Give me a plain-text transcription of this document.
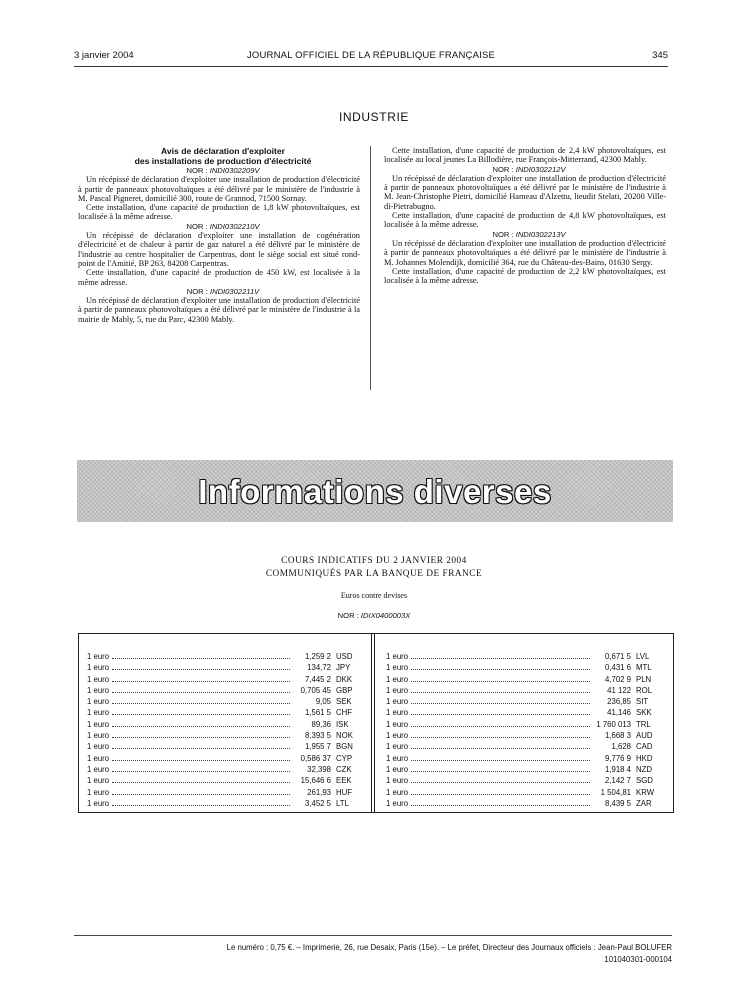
3 janvier 2004	JOURNAL OFFICIEL DE LA RÉPUBLIQUE FRANÇAISE	345
INDUSTRIE

Avis de déclaration d'exploiter

des installations de production d'électricité

NOR : INDI0302209V

Un récépissé de déclaration d'exploiter une installation de production d'électricité à partir de panneaux photovoltaïques a été délivré par le ministère de l'industrie à M. Pascal Pigneret, domicilié 300, route de Grannod, 71500 Sornay.

Cette installation, d'une capacité de production de 1,8 kW photovoltaïques, est localisée à la même adresse.

NOR : INDI0302210V

Un récépissé de déclaration d'exploiter une installation de cogénération d'électricité et de chaleur à partir de gaz naturel a été délivré par le ministère de l'industrie au centre hospitalier de Carpentras, dont le siège social est situé rond-point de l'Amitié, BP 263, 84208 Carpentras.

Cette installation, d'une capacité de production de 450 kW, est localisée à la même adresse.

NOR : INDI0302211V

Un récépissé de déclaration d'exploiter une installation de production d'électricité à partir de panneaux photovoltaïques a été délivré par le ministère de l'industrie à la mairie de Mably, 5, rue du Parc, 42300 Mably.

Cette installation, d'une capacité de production de 2,4 kW photovoltaïques, est localisée au local jeunes La Billodière, rue François-Mitterrand, 42300 Mably.

NOR : INDI0302212V

Un récépissé de déclaration d'exploiter une installation de production d'électricité à partir de panneaux photovoltaïques a été délivré par le ministère de l'industrie à M. Jean-Christophe Pietri, domicilié Hameau d'Alzettu, lieudit Stelati, 20200 Ville-di-Pietrabugno.

Cette installation, d'une capacité de production de 4,8 kW photovoltaïques, est localisée à la même adresse.

NOR : INDI0302213V

Un récépissé de déclaration d'exploiter une installation de production d'électricité à partir de panneaux photovoltaïques a été délivré par le ministère de l'industrie à M. Johannes Molendijk, domicilié 364, rue du Château-des-Bains, 01630 Sergy.

Cette installation, d'une capacité de production de 2,2 kW photovoltaïques, est localisée à la même adresse.

Informations diverses
COURS INDICATIFS DU 2 JANVIER 2004
COMMUNIQUÉS PAR LA BANQUE DE FRANCE
Euros contre devises
NOR : IDIX0400003X
1 euro	1,259 2 USD
1 euro	134,72 JPY
1 euro	7,445 2 DKK
1 euro	0,705 45 GBP
1 euro	9,05 SEK
1 euro	1,561 5 CHF
1 euro	89,36 ISK
1 euro	8,393 5 NOK
1 euro	1,955 7 BGN
1 euro	0,586 37 CYP
1 euro	32,398 CZK
1 euro	15,646 6 EEK
1 euro	261,93 HUF
1 euro	3,452 5 LTL
1 euro	0,671 5 LVL
1 euro	0,431 6 MTL
1 euro	4,702 9 PLN
1 euro	41 122 ROL
1 euro	236,85 SIT
1 euro	41,146 SKK
1 euro	1 760 013 TRL
1 euro	1,668 3 AUD
1 euro	1,628 CAD
1 euro	9,776 9 HKD
1 euro	1,918 4 NZD
1 euro	2,142 7 SGD
1 euro	1 504,81 KRW
1 euro	8,439 5 ZAR
Le numéro : 0,75 €. – Imprimerie, 26, rue Desaix, Paris (15e). – Le préfet, Directeur des Journaux officiels : Jean-Paul BOLUFER
101040301-000104
